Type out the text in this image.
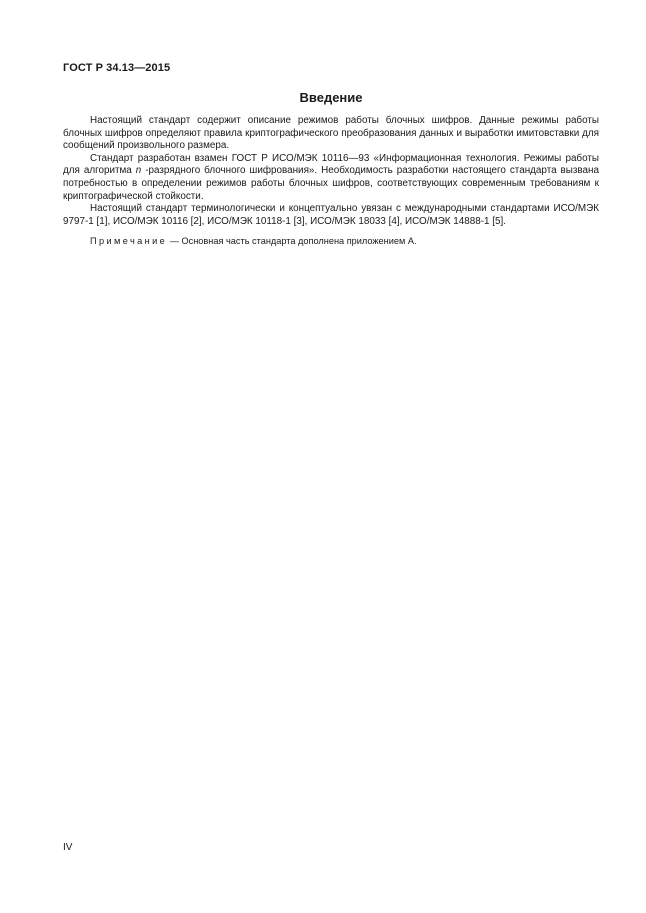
ГОСТ Р 34.13—2015
Введение

Настоящий стандарт содержит описание режимов работы блочных шифров. Данные режимы работы блочных шифров определяют правила криптографического преобразования данных и выработки имитовставки для сообщений произвольного размера.

Стандарт разработан взамен ГОСТ Р ИСО/МЭК 10116—93 «Информационная технология. Режимы работы для алгоритма n -разрядного блочного шифрования». Необходимость разработки настоящего стандарта вызвана потребностью в определении режимов работы блочных шифров, соответствующих современным требованиям к криптографической стойкости.

Настоящий стандарт терминологически и концептуально увязан с международными стандартами ИСО/МЭК 9797-1 [1], ИСО/МЭК 10116 [2], ИСО/МЭК 10118-1 [3], ИСО/МЭК 18033 [4], ИСО/МЭК 14888-1 [5].

Примечание — Основная часть стандарта дополнена приложением А.

IV
